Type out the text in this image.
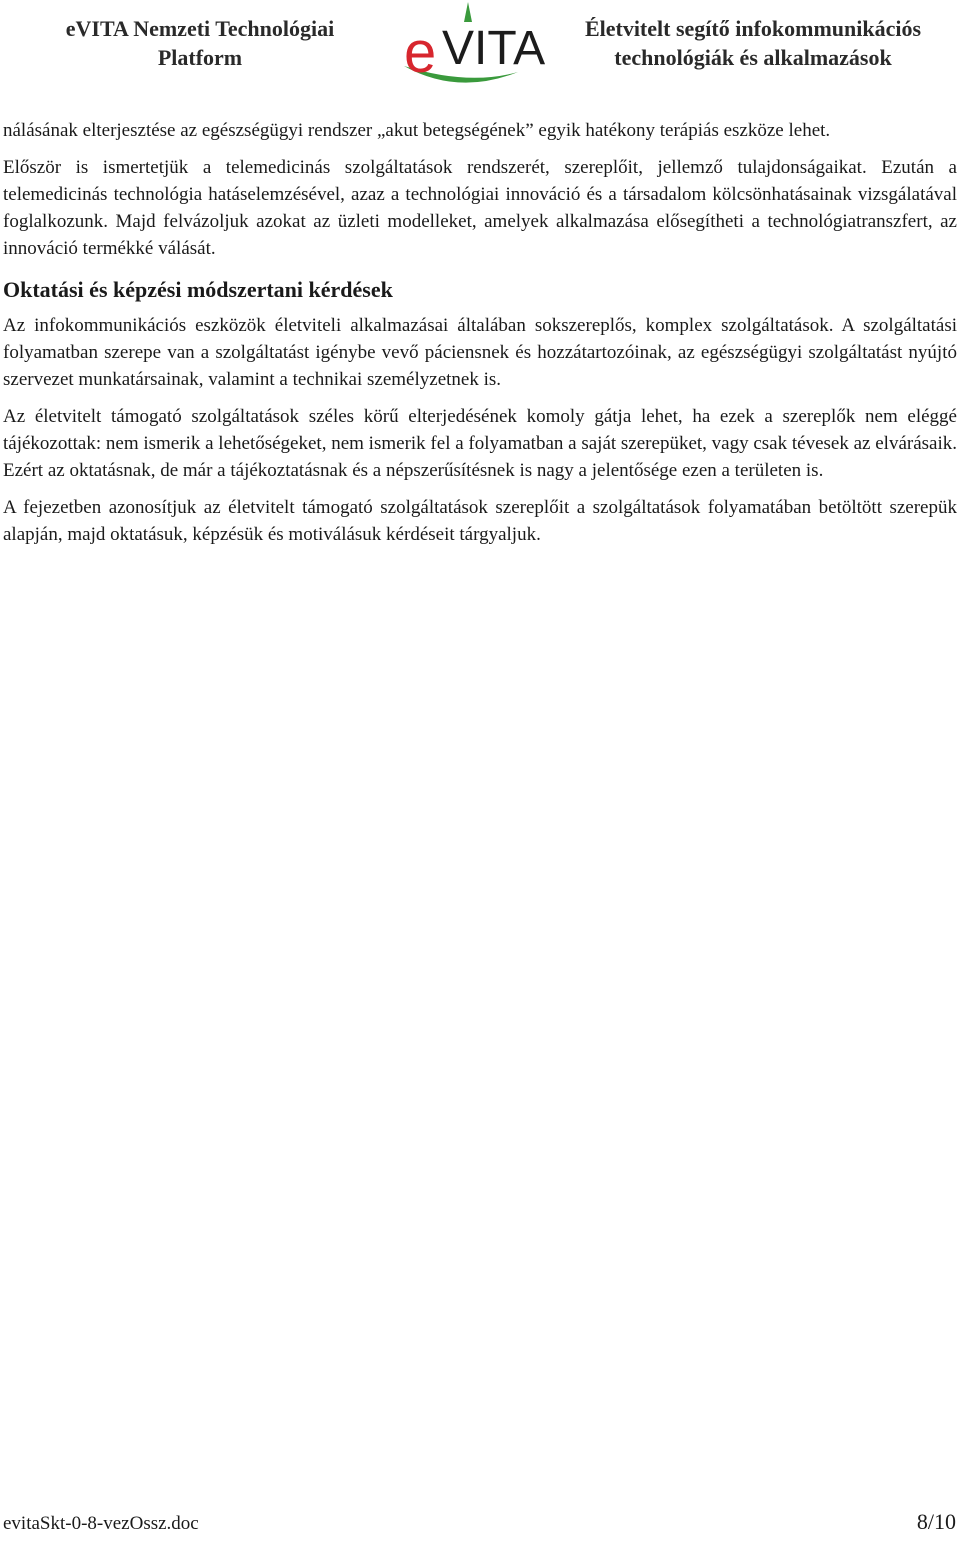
eVITA Nemzeti Technológiai
Platform	e VITA	Életvitelt segítő infokommunikációs
technológiák és alkalmazások

nálásának elterjesztése az egészségügyi rendszer „akut betegségének” egyik hatékony terápiás eszköze lehet.

Először is ismertetjük a telemedicinás szolgáltatások rendszerét, szereplőit, jellemző tulajdonságaikat. Ezután a telemedicinás technológia hatáselemzésével, azaz a technológiai innováció és a társadalom kölcsönhatásainak vizsgálatával foglalkozunk. Majd felvázoljuk azokat az üzleti modelleket, amelyek alkalmazása elősegítheti a technológiatranszfert, az innováció termékké válását.

Oktatási és képzési módszertani kérdések

Az infokommunikációs eszközök életviteli alkalmazásai általában sokszereplős, komplex szolgáltatások. A szolgáltatási folyamatban szerepe van a szolgáltatást igénybe vevő páciensnek és hozzátartozóinak, az egészségügyi szolgáltatást nyújtó szervezet munkatársainak, valamint a technikai személyzetnek is.

Az életvitelt támogató szolgáltatások széles körű elterjedésének komoly gátja lehet, ha ezek a szereplők nem eléggé tájékozottak: nem ismerik a lehetőségeket, nem ismerik fel a folyamatban a saját szerepüket, vagy csak tévesek az elvárásaik. Ezért az oktatásnak, de már a tájékoztatásnak és a népszerűsítésnek is nagy a jelentősége ezen a területen is.

A fejezetben azonosítjuk az életvitelt támogató szolgáltatások szereplőit a szolgáltatások folyamatában betöltött szerepük alapján, majd oktatásuk, képzésük és motiválásuk kérdéseit tárgyaljuk.

evitaSkt-0-8-vezOssz.doc	8/10
